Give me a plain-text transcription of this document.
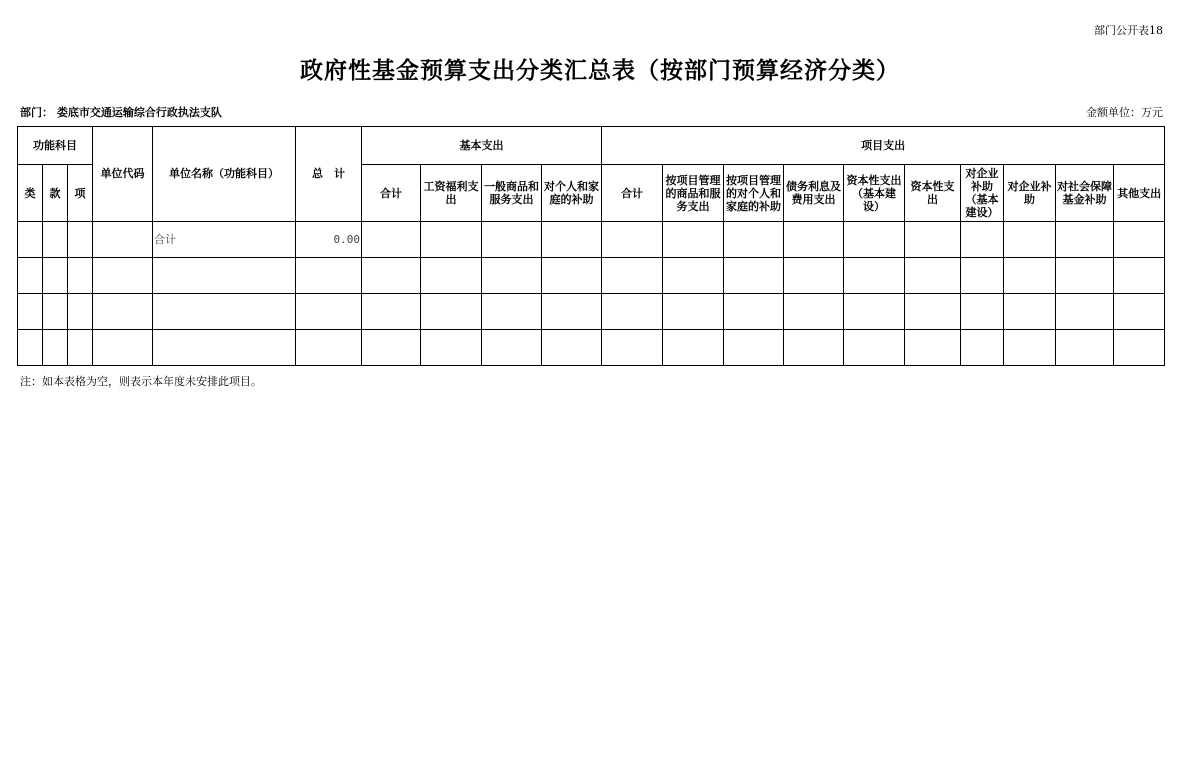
部门公开表18
政府性基金预算支出分类汇总表（按部门预算经济分类）
部门： 娄底市交通运输综合行政执法支队	金额单位：万元
功能科目			单位代码	单位名称（功能科目）	总　计	基本支出				项目支出									
类	款	项				合计	工资福利支出	一般商品和服务支出	对个人和家庭的补助	合计	按项目管理的商品和服务支出	按项目管理的对个人和家庭的补助	债务利息及费用支出	资本性支出（基本建设）	资本性支出	对企业补助（基本建设）	对企业补助	对社会保障基金补助	其他支出
				合计	0.00														

注：如本表格为空，则表示本年度未安排此项目。
